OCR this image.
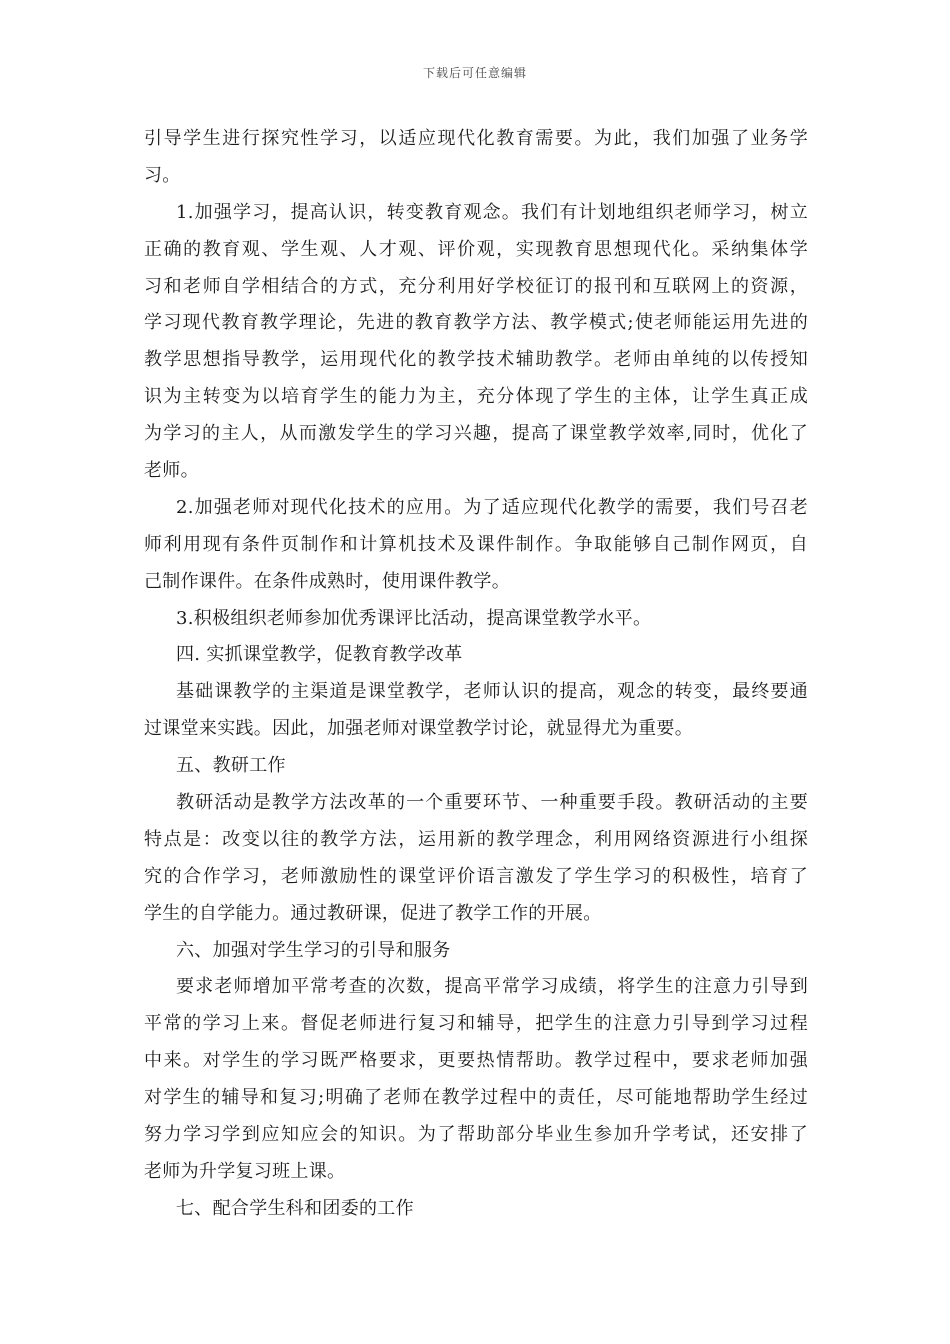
下载后可任意编辑
引导学生进行探究性学习，以适应现代化教育需要。为此，我们加强了业务学
习。
1.加强学习，提高认识，转变教育观念。我们有计划地组织老师学习，树立
正确的教育观、学生观、人才观、评价观，实现教育思想现代化。采纳集体学
习和老师自学相结合的方式，充分利用好学校征订的报刊和互联网上的资源，
学习现代教育教学理论，先进的教育教学方法、教学模式;使老师能运用先进的
教学思想指导教学，运用现代化的教学技术辅助教学。老师由单纯的以传授知
识为主转变为以培育学生的能力为主，充分体现了学生的主体，让学生真正成
为学习的主人，从而激发学生的学习兴趣，提高了课堂教学效率,同时，优化了
老师。
2.加强老师对现代化技术的应用。为了适应现代化教学的需要，我们号召老
师利用现有条件页制作和计算机技术及课件制作。争取能够自己制作网页，自
己制作课件。在条件成熟时，使用课件教学。
3.积极组织老师参加优秀课评比活动，提高课堂教学水平。
四. 实抓课堂教学，促教育教学改革
基础课教学的主渠道是课堂教学，老师认识的提高，观念的转变，最终要通
过课堂来实践。因此，加强老师对课堂教学讨论，就显得尤为重要。
五、教研工作
教研活动是教学方法改革的一个重要环节、一种重要手段。教研活动的主要
特点是：改变以往的教学方法，运用新的教学理念，利用网络资源进行小组探
究的合作学习，老师激励性的课堂评价语言激发了学生学习的积极性，培育了
学生的自学能力。通过教研课，促进了教学工作的开展。
六、加强对学生学习的引导和服务
要求老师增加平常考查的次数，提高平常学习成绩，将学生的注意力引导到
平常的学习上来。督促老师进行复习和辅导，把学生的注意力引导到学习过程
中来。对学生的学习既严格要求，更要热情帮助。教学过程中，要求老师加强
对学生的辅导和复习;明确了老师在教学过程中的责任，尽可能地帮助学生经过
努力学习学到应知应会的知识。为了帮助部分毕业生参加升学考试，还安排了
老师为升学复习班上课。
七、配合学生科和团委的工作
